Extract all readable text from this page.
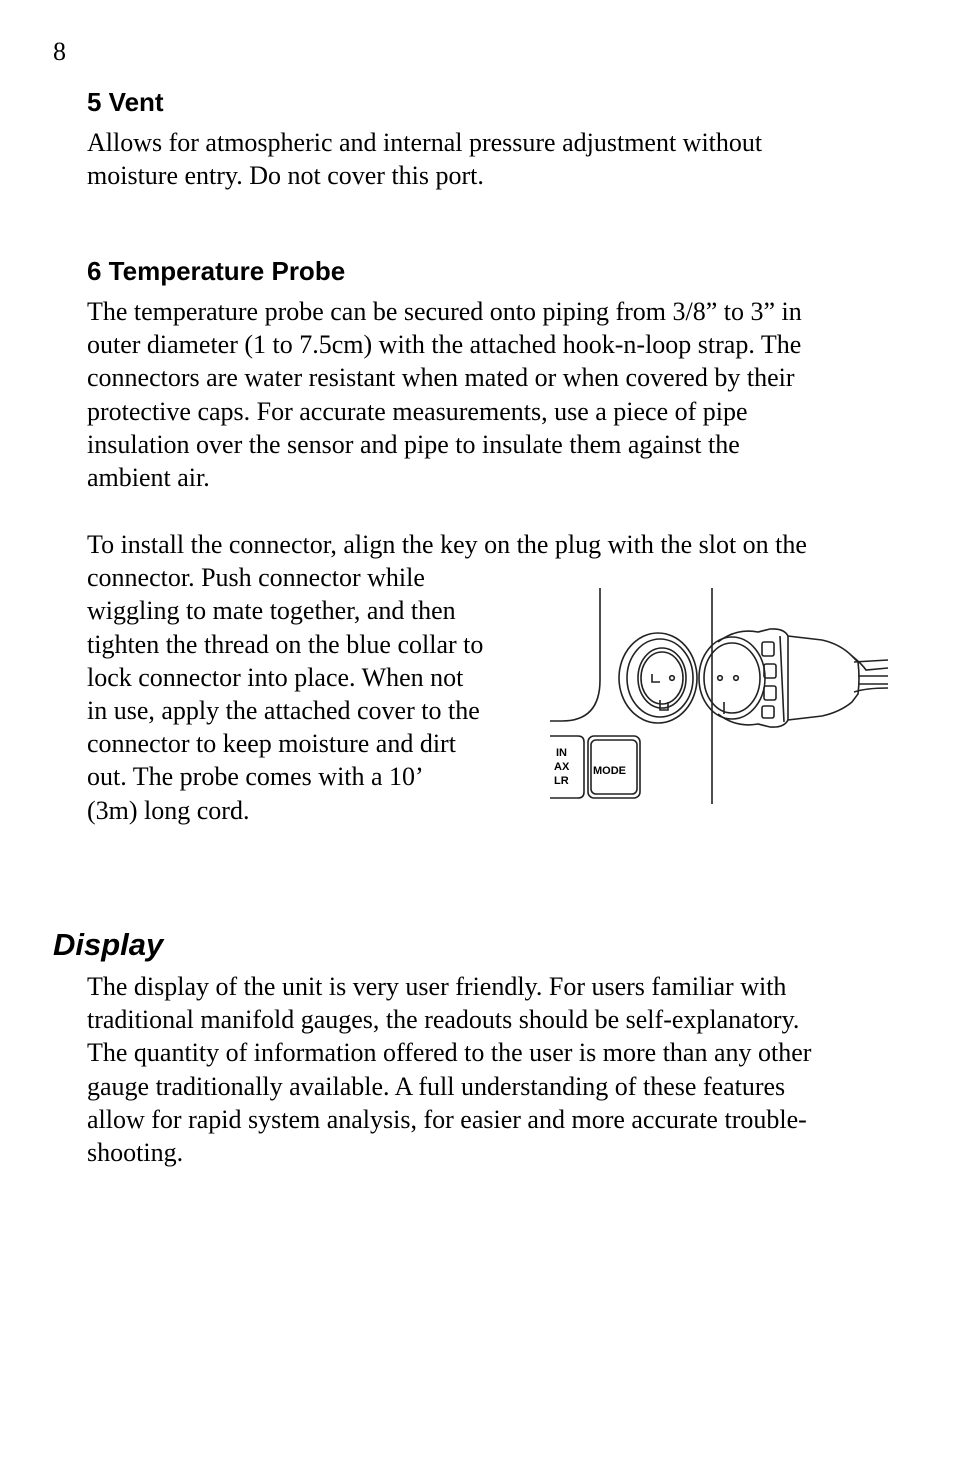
8
5 Vent
Allows for atmospheric and internal pressure adjustment without
moisture entry. Do not cover this port.
6 Temperature Probe
The temperature probe can be secured onto piping from 3/8” to 3” in
outer diameter (1 to 7.5cm) with the attached hook-n-loop strap. The
connectors are water resistant when mated or when covered by their
protective caps. For accurate measurements, use a piece of pipe
insulation over the sensor and pipe to insulate them against the
ambient air.
To install the connector, align the key on the plug with the slot on the
connector. Push connector while
wiggling to mate together, and then
tighten the thread on the blue collar to
lock connector into place. When not
in use, apply the attached cover to the
connector to keep moisture and dirt
out. The probe comes with a 10’
(3m) long cord.
IN
AX
LR
MODE
Display
The display of the unit is very user friendly. For users familiar with
traditional manifold gauges, the readouts should be self-explanatory.
The quantity of information offered to the user is more than any other
gauge traditionally available. A full understanding of these features
allow for rapid system analysis, for easier and more accurate trouble-
shooting.
